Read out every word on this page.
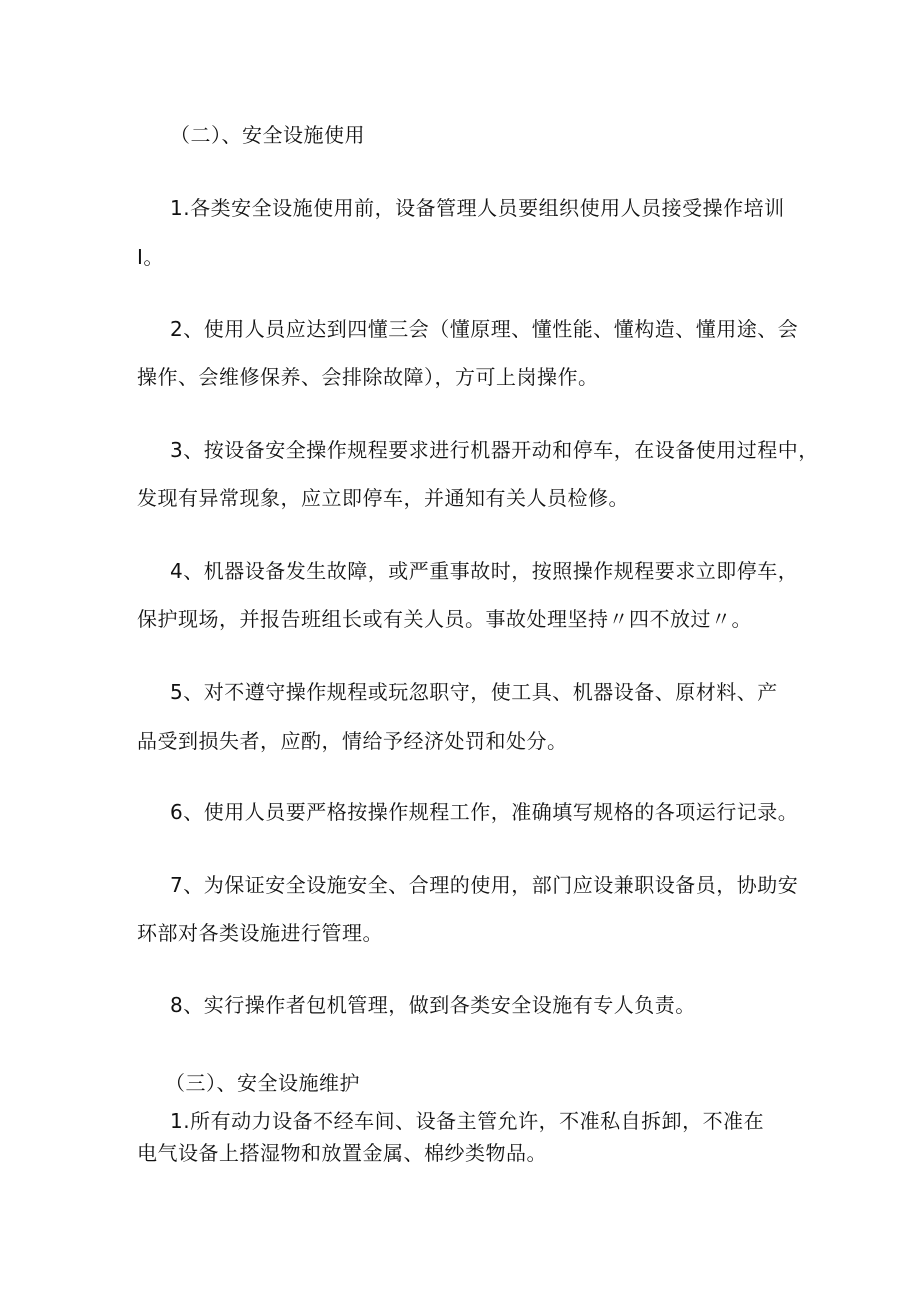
（二）、安全设施使用

1.各类安全设施使用前，设备管理人员要组织使用人员接受操作培训

I。

2、使用人员应达到四懂三会（懂原理、懂性能、懂构造、懂用途、会

操作、会维修保养、会排除故障），方可上岗操作。

3、按设备安全操作规程要求进行机器开动和停车，在设备使用过程中，

发现有异常现象，应立即停车，并通知有关人员检修。

4、机器设备发生故障，或严重事故时，按照操作规程要求立即停车，

保护现场，并报告班组长或有关人员。事故处理坚持〃四不放过〃。

5、对不遵守操作规程或玩忽职守，使工具、机器设备、原材料、产

品受到损失者，应酌，情给予经济处罚和处分。

6、使用人员要严格按操作规程工作，准确填写规格的各项运行记录。

7、为保证安全设施安全、合理的使用，部门应设兼职设备员，协助安

环部对各类设施进行管理。

8、实行操作者包机管理，做到各类安全设施有专人负责。

（三）、安全设施维护

1.所有动力设备不经车间、设备主管允许，不准私自拆卸，不准在

电气设备上搭湿物和放置金属、棉纱类物品。
